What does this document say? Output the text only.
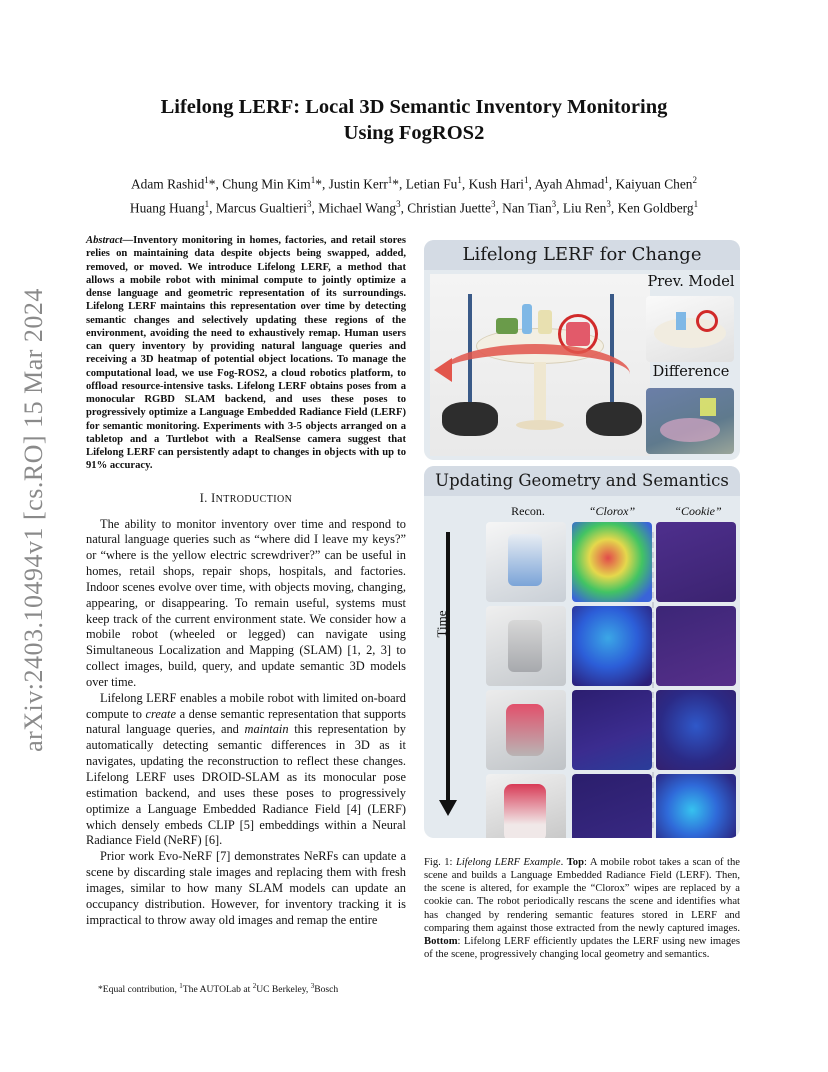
arXiv:2403.10494v1 [cs.RO] 15 Mar 2024
Lifelong LERF: Local 3D Semantic Inventory Monitoring
Using FogROS2
Adam Rashid$^1$*, Chung Min Kim$^1$*, Justin Kerr$^1$*, Letian Fu$^1$, Kush Hari$^1$, Ayah Ahmad$^1$, Kaiyuan Chen$^2$
Huang Huang$^1$, Marcus Gualtieri$^3$, Michael Wang$^3$, Christian Juette$^3$, Nan Tian$^3$, Liu Ren$^3$, Ken Goldberg$^1$

Abstract—Inventory monitoring in homes, factories, and retail stores relies on maintaining data despite objects being swapped, added, removed, or moved. We introduce Lifelong LERF, a method that allows a mobile robot with minimal compute to jointly optimize a dense language and geometric representation of its surroundings. Lifelong LERF maintains this representation over time by detecting semantic changes and selectively updating these regions of the environment, avoiding the need to exhaustively remap. Human users can query inventory by providing natural language queries and receiving a 3D heatmap of potential object locations. To manage the computational load, we use Fog-ROS2, a cloud robotics platform, to offload resource-intensive tasks. Lifelong LERF obtains poses from a monocular RGBD SLAM backend, and uses these poses to progressively optimize a Language Embedded Radiance Field (LERF) for semantic monitoring. Experiments with 3-5 objects arranged on a tabletop and a Turtlebot with a RealSense camera suggest that Lifelong LERF can persistently adapt to changes in objects with up to 91% accuracy.

I. INTRODUCTION

The ability to monitor inventory over time and respond to natural language queries such as “where did I leave my keys?” or “where is the yellow electric screwdriver?” can be useful in homes, retail shops, repair shops, hospitals, and factories. Indoor scenes evolve over time, with objects moving, changing, appearing, or disappearing. To remain useful, systems must keep track of the current environment state. We consider how a mobile robot (wheeled or legged) can navigate using Simultaneous Localization and Mapping (SLAM) [1, 2, 3] to collect images, build, query, and update semantic 3D models over time.

Lifelong LERF enables a mobile robot with limited on-board compute to create a dense semantic representation that supports natural language queries, and maintain this representation by automatically detecting semantic differences in 3D as it navigates, updating the reconstruction to reflect these changes. Lifelong LERF uses DROID-SLAM as its monocular pose estimation backend, and uses these poses to progressively optimize a Language Embedded Radiance Field [4] (LERF) which densely embeds CLIP [5] embeddings within a Neural Radiance Field (NeRF) [6].

Prior work Evo-NeRF [7] demonstrates NeRFs can update a scene by discarding stale images and replacing them with fresh images, similar to how many SLAM models can update an occupancy distribution. However, for inventory tracking it is impractical to throw away old images and remap the entire

*Equal contribution, $^1$The AUTOLab at $^2$UC Berkeley, $^3$Bosch
Lifelong LERF for Change
Prev. Model
Difference
Updating Geometry and Semantics
Recon.	“Clorox”	“Cookie”
Time
Fig. 1: Lifelong LERF Example. Top: A mobile robot takes a scan of the scene and builds a Language Embedded Radiance Field (LERF). Then, the scene is altered, for example the “Clorox” wipes are replaced by a cookie can. The robot periodically rescans the scene and identifies what has changed by rendering semantic features stored in LERF and comparing them against those extracted from the newly captured images. Bottom: Lifelong LERF efficiently updates the LERF using new images of the scene, progressively changing local geometry and semantics.
